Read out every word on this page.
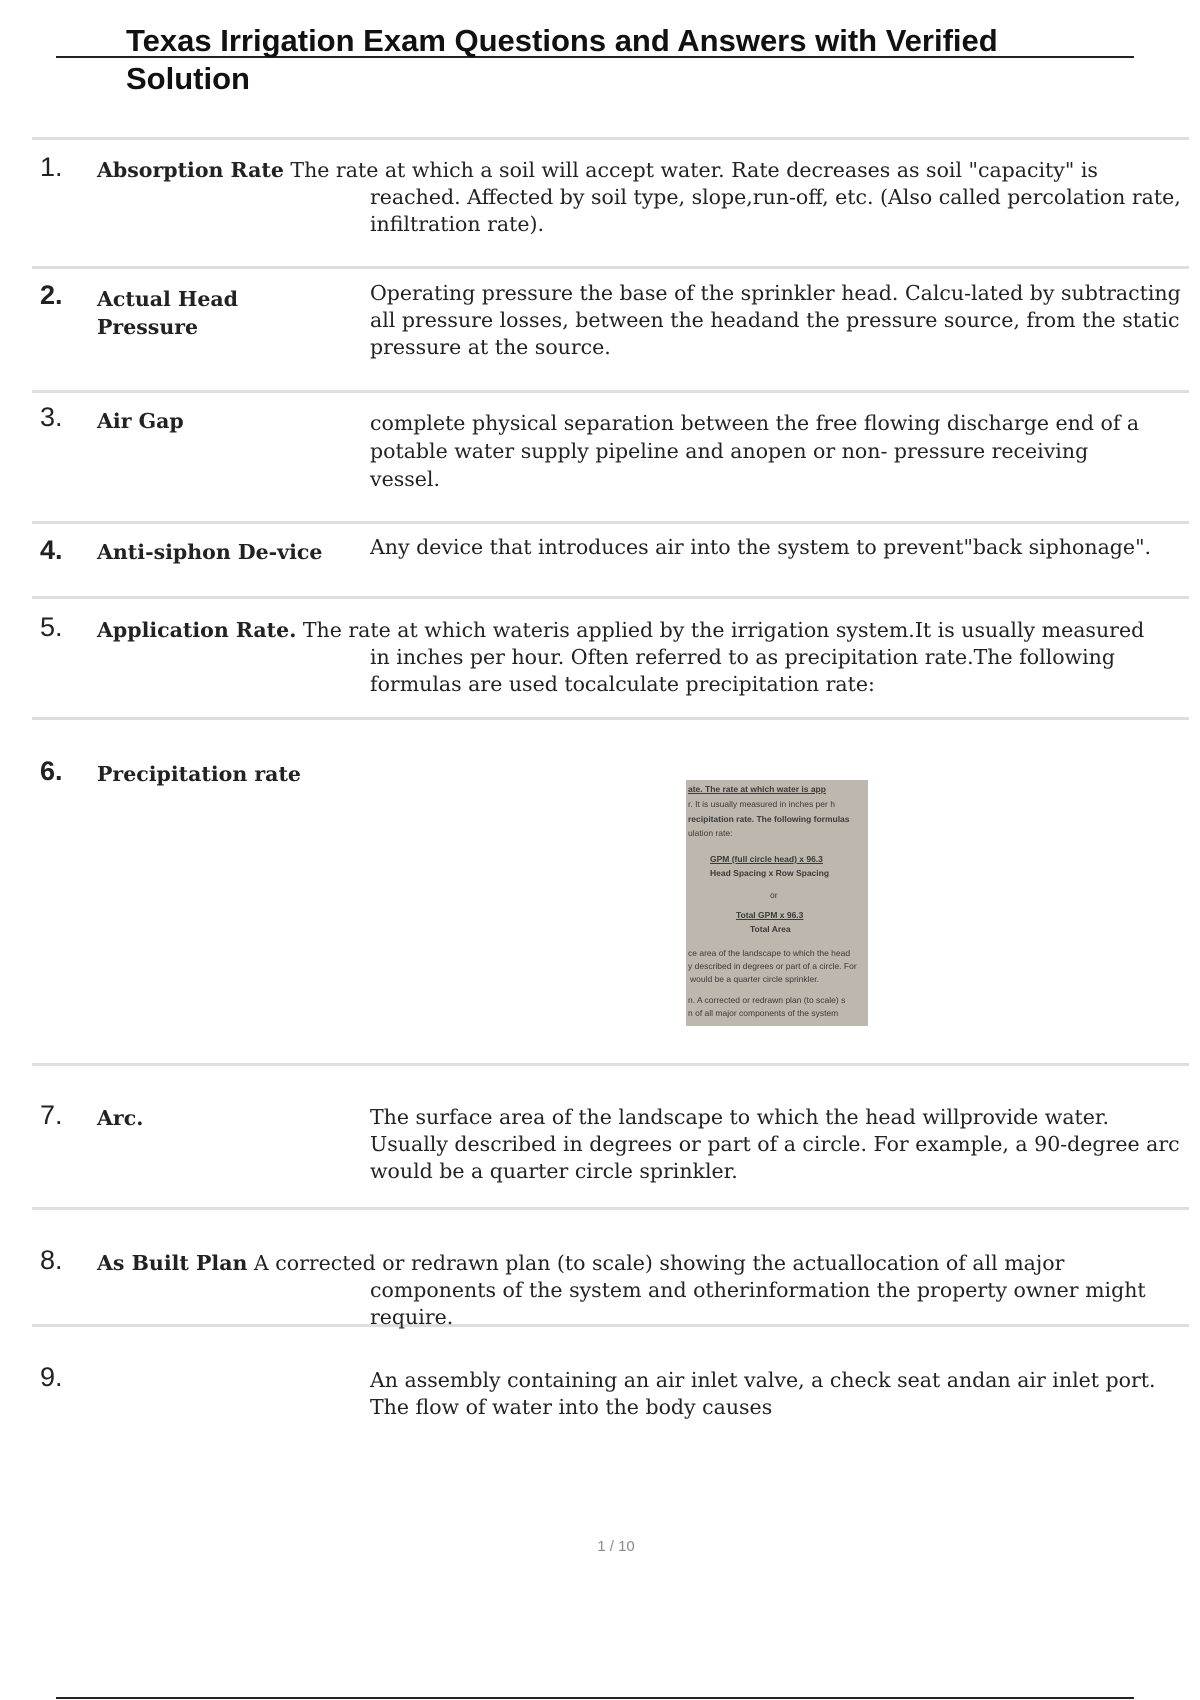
Texas Irrigation Exam Questions and Answers with Verified Solution
1. Absorption Rate The rate at which a soil will accept water. Rate decreases as soil "capacity" is reached. Affected by soil type, slope,run-off, etc. (Also called percolation rate, infiltration rate).
2. Actual Head Pressure
Operating pressure the base of the sprinkler head. Calcu-lated by subtracting all pressure losses, between the headand the pressure source, from the static pressure at the source.
3. Air Gap	complete physical separation between the free flowing discharge end of a potable water supply pipeline and anopen or non- pressure receiving vessel.
4. Anti-siphon De-vice Any device that introduces air into the system to prevent"back siphonage".
5. Application Rate. The rate at which wateris applied by the irrigation system.It is usually measured in inches per hour. Often referred to as precipitation rate.The following formulas are used tocalculate precipitation rate:
6. Precipitation rate
ate. The rate at which water is app
r. It is usually measured in inches per h
recipitation rate. The following formulas
ulation rate:
GPM (full circle head) x 96.3
Head Spacing x Row Spacing
or
Total GPM x 96.3
Total Area
ce area of the landscape to which the head
y described in degrees or part of a circle. For
would be a quarter circle sprinkler.
n. A corrected or redrawn plan (to scale) s
n of all major components of the system
7. Arc.	The surface area of the landscape to which the head willprovide water.
Usually described in degrees or part of a circle. For example, a 90-degree arc
would be a quarter circle sprinkler.
8. As Built Plan A corrected or redrawn plan (to scale) showing the actuallocation of all major components of the system and otherinformation the property owner might require.
9.	An assembly containing an air inlet valve, a check seat andan air inlet port. The flow of water into the body causes
1 / 10
